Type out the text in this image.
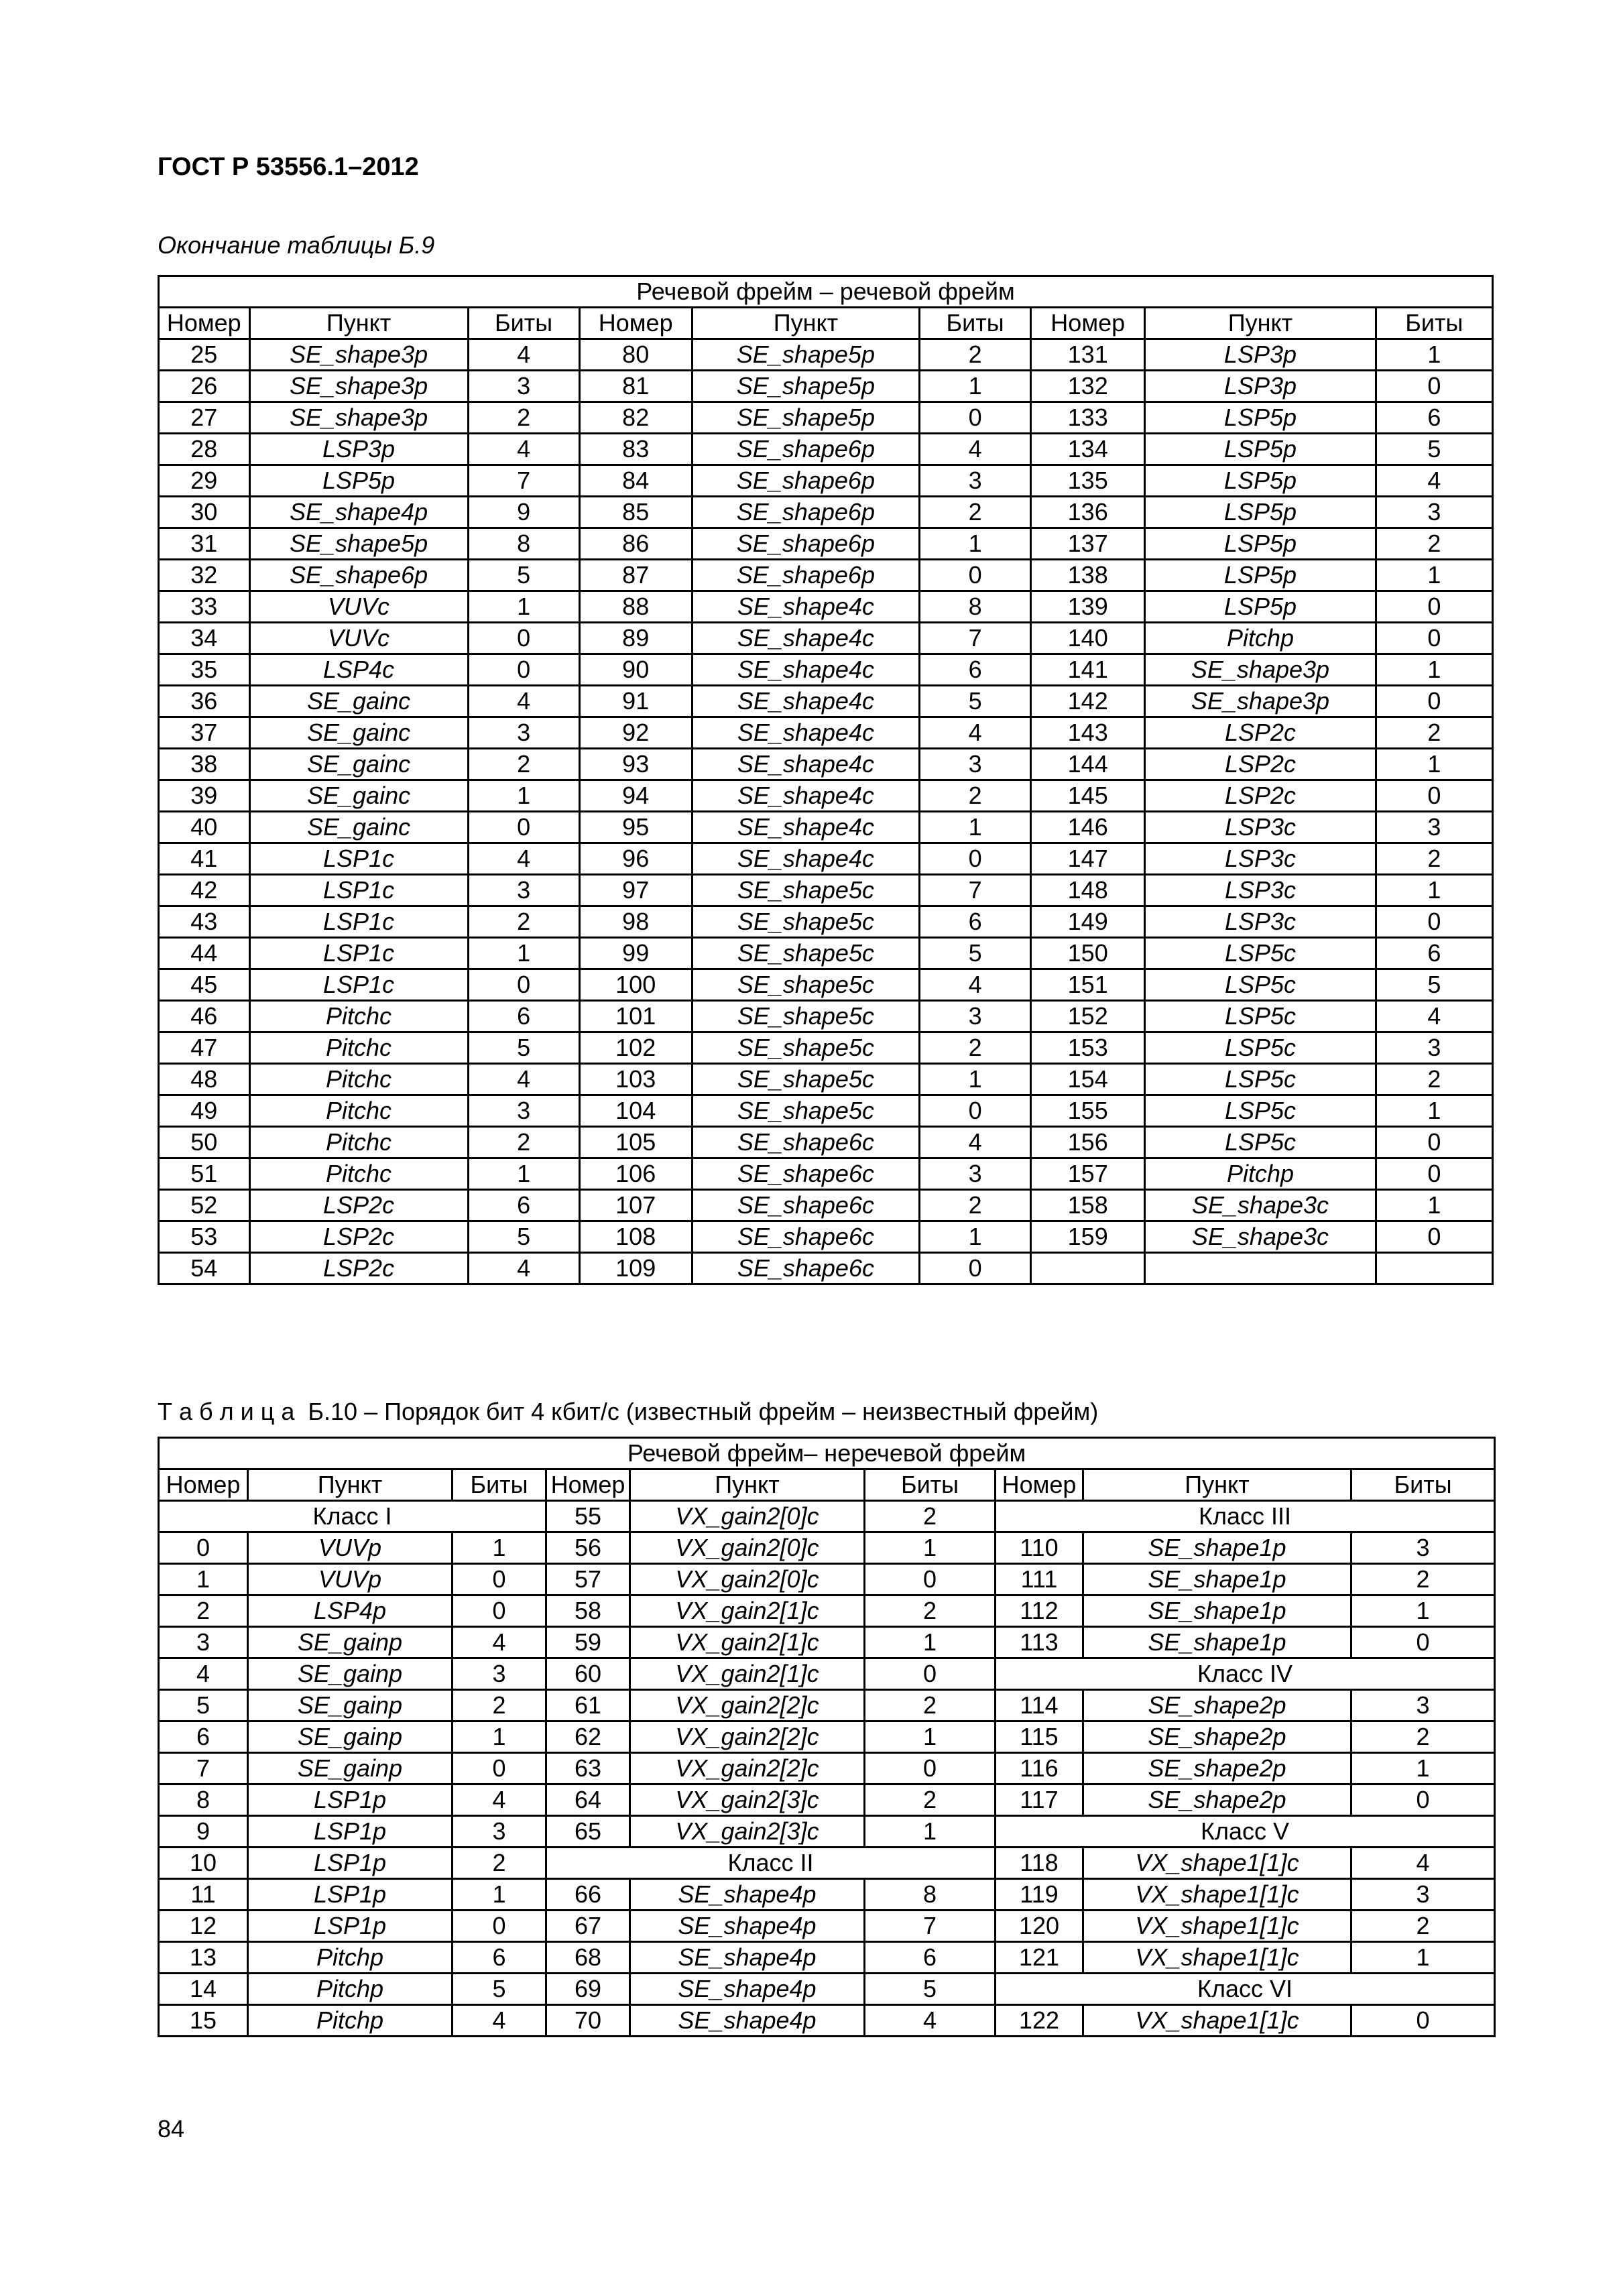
ГОСТ Р 53556.1–2012
Окончание таблицы Б.9
Речевой фрейм – речевой фрейм								
Номер	Пункт	Биты	Номер	Пункт	Биты	Номер	Пункт	Биты
25	SE_shape3p	4	80	SE_shape5p	2	131	LSP3p	1
26	SE_shape3p	3	81	SE_shape5p	1	132	LSP3p	0
27	SE_shape3p	2	82	SE_shape5p	0	133	LSP5p	6
28	LSP3p	4	83	SE_shape6p	4	134	LSP5p	5
29	LSP5p	7	84	SE_shape6p	3	135	LSP5p	4
30	SE_shape4p	9	85	SE_shape6p	2	136	LSP5p	3
31	SE_shape5p	8	86	SE_shape6p	1	137	LSP5p	2
32	SE_shape6p	5	87	SE_shape6p	0	138	LSP5p	1
33	VUVc	1	88	SE_shape4c	8	139	LSP5p	0
34	VUVc	0	89	SE_shape4c	7	140	Pitchp	0
35	LSP4c	0	90	SE_shape4c	6	141	SE_shape3p	1
36	SE_gainc	4	91	SE_shape4c	5	142	SE_shape3p	0
37	SE_gainc	3	92	SE_shape4c	4	143	LSP2c	2
38	SE_gainc	2	93	SE_shape4c	3	144	LSP2c	1
39	SE_gainc	1	94	SE_shape4c	2	145	LSP2c	0
40	SE_gainc	0	95	SE_shape4c	1	146	LSP3c	3
41	LSP1c	4	96	SE_shape4c	0	147	LSP3c	2
42	LSP1c	3	97	SE_shape5c	7	148	LSP3c	1
43	LSP1c	2	98	SE_shape5c	6	149	LSP3c	0
44	LSP1c	1	99	SE_shape5c	5	150	LSP5c	6
45	LSP1c	0	100	SE_shape5c	4	151	LSP5c	5
46	Pitchc	6	101	SE_shape5c	3	152	LSP5c	4
47	Pitchc	5	102	SE_shape5c	2	153	LSP5c	3
48	Pitchc	4	103	SE_shape5c	1	154	LSP5c	2
49	Pitchc	3	104	SE_shape5c	0	155	LSP5c	1
50	Pitchc	2	105	SE_shape6c	4	156	LSP5c	0
51	Pitchc	1	106	SE_shape6c	3	157	Pitchp	0
52	LSP2c	6	107	SE_shape6c	2	158	SE_shape3c	1
53	LSP2c	5	108	SE_shape6c	1	159	SE_shape3c	0
54	LSP2c	4	109	SE_shape6c	0			
Т а б л и ц а  Б.10 – Порядок бит 4 кбит/с (известный фрейм – неизвестный фрейм)
Речевой фрейм– неречевой фрейм								
Номер	Пункт	Биты	Номер	Пункт	Биты	Номер	Пункт	Биты
Класс I			55	VX_gain2[0]c	2	Класс III		
0	VUVp	1	56	VX_gain2[0]c	1	110	SE_shape1p	3
1	VUVp	0	57	VX_gain2[0]c	0	111	SE_shape1p	2
2	LSP4p	0	58	VX_gain2[1]c	2	112	SE_shape1p	1
3	SE_gainp	4	59	VX_gain2[1]c	1	113	SE_shape1p	0
4	SE_gainp	3	60	VX_gain2[1]c	0	Класс IV		
5	SE_gainp	2	61	VX_gain2[2]c	2	114	SE_shape2p	3
6	SE_gainp	1	62	VX_gain2[2]c	1	115	SE_shape2p	2
7	SE_gainp	0	63	VX_gain2[2]c	0	116	SE_shape2p	1
8	LSP1p	4	64	VX_gain2[3]c	2	117	SE_shape2p	0
9	LSP1p	3	65	VX_gain2[3]c	1	Класс V		
10	LSP1p	2	Класс II			118	VX_shape1[1]c	4
11	LSP1p	1	66	SE_shape4p	8	119	VX_shape1[1]c	3
12	LSP1p	0	67	SE_shape4p	7	120	VX_shape1[1]c	2
13	Pitchp	6	68	SE_shape4p	6	121	VX_shape1[1]c	1
14	Pitchp	5	69	SE_shape4p	5	Класс VI		
15	Pitchp	4	70	SE_shape4p	4	122	VX_shape1[1]c	0
84
